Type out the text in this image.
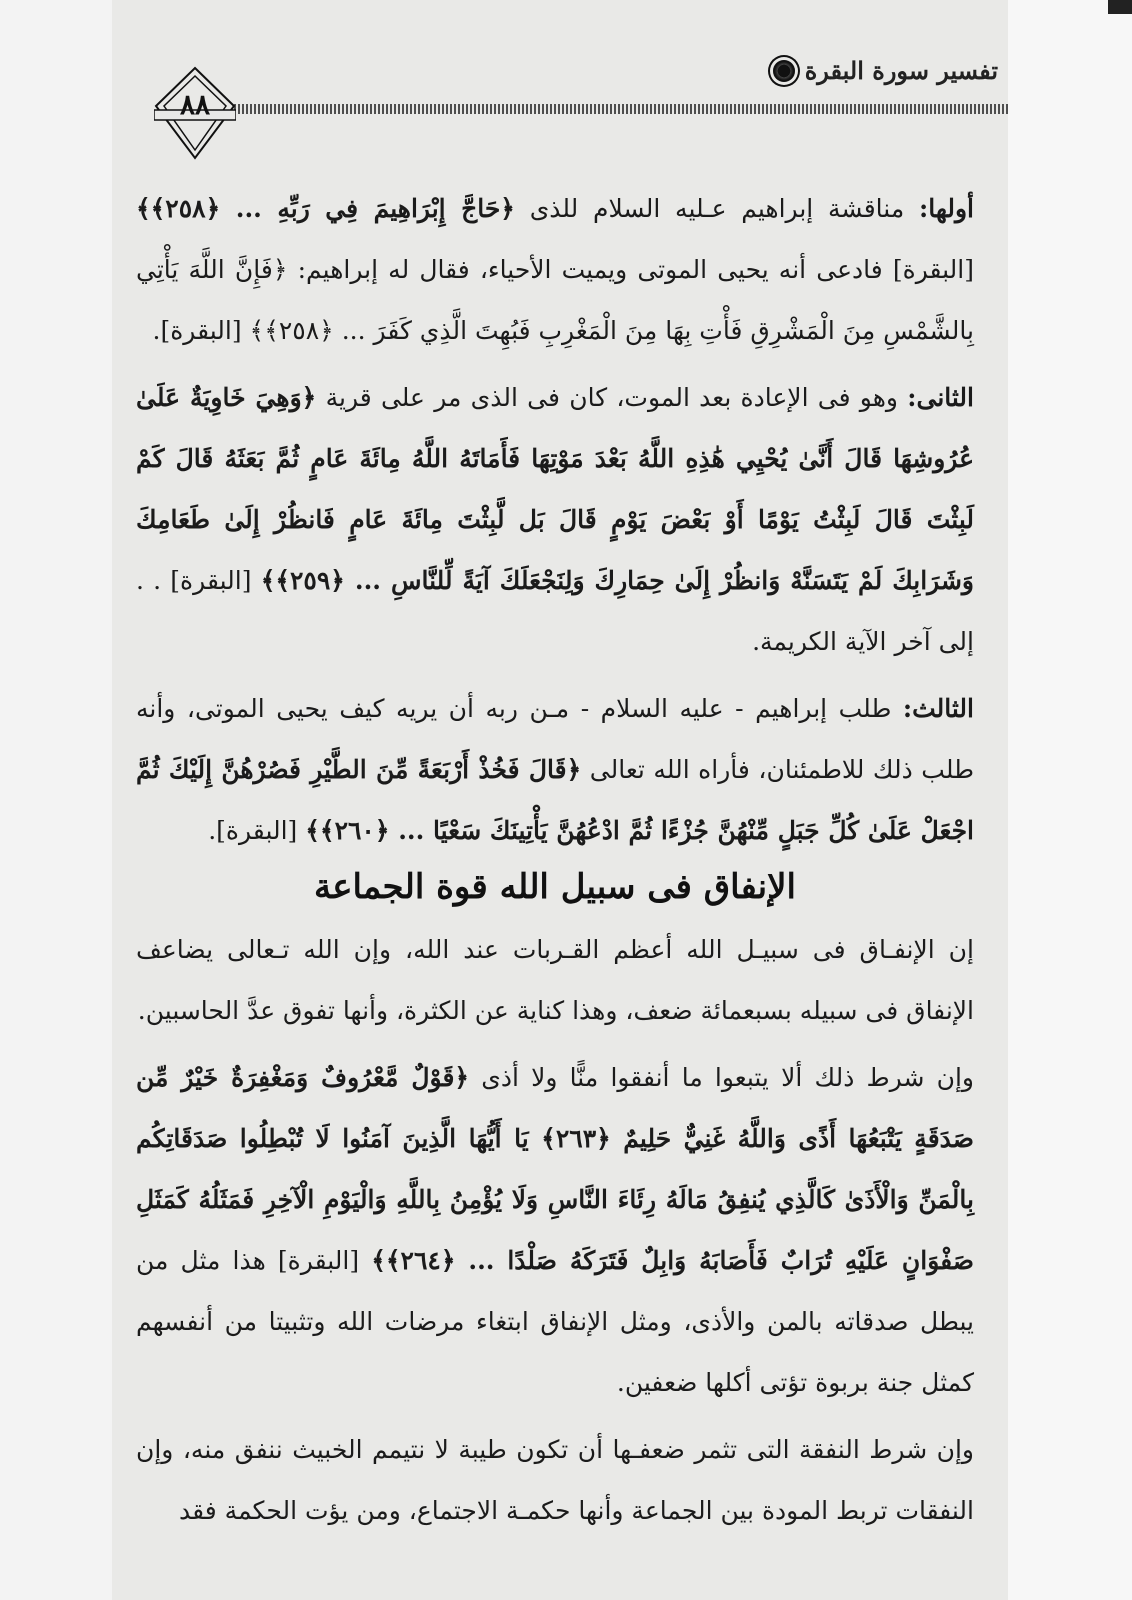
تفسير سورة البقرة
٨٨

أولها: مناقشة إبراهيم عـليه السلام للذى ﴿حَاجَّ إِبْرَاهِيمَ فِي رَبِّهِ ... ﴿٢٥٨﴾﴾ [البقرة] فادعى أنه يحيى الموتى ويميت الأحياء، فقال له إبراهيم: ﴿فَإِنَّ اللَّهَ يَأْتِي بِالشَّمْسِ مِنَ الْمَشْرِقِ فَأْتِ بِهَا مِنَ الْمَغْرِبِ فَبُهِتَ الَّذِي كَفَرَ ... ﴿٢٥٨﴾﴾ [البقرة].

الثانى: وهو فى الإعادة بعد الموت، كان فى الذى مر على قرية ﴿وَهِيَ خَاوِيَةٌ عَلَىٰ عُرُوشِهَا قَالَ أَنَّىٰ يُحْيِي هَٰذِهِ اللَّهُ بَعْدَ مَوْتِهَا فَأَمَاتَهُ اللَّهُ مِائَةَ عَامٍ ثُمَّ بَعَثَهُ قَالَ كَمْ لَبِثْتَ قَالَ لَبِثْتُ يَوْمًا أَوْ بَعْضَ يَوْمٍ قَالَ بَل لَّبِثْتَ مِائَةَ عَامٍ فَانظُرْ إِلَىٰ طَعَامِكَ وَشَرَابِكَ لَمْ يَتَسَنَّهْ وَانظُرْ إِلَىٰ حِمَارِكَ وَلِنَجْعَلَكَ آيَةً لِّلنَّاسِ ... ﴿٢٥٩﴾﴾ [البقرة] . . إلى آخر الآية الكريمة.

الثالث: طلب إبراهيم - عليه السلام - مـن ربه أن يريه كيف يحيى الموتى، وأنه طلب ذلك للاطمئنان، فأراه الله تعالى ﴿قَالَ فَخُذْ أَرْبَعَةً مِّنَ الطَّيْرِ فَصُرْهُنَّ إِلَيْكَ ثُمَّ اجْعَلْ عَلَىٰ كُلِّ جَبَلٍ مِّنْهُنَّ جُزْءًا ثُمَّ ادْعُهُنَّ يَأْتِينَكَ سَعْيًا ... ﴿٢٦٠﴾﴾ [البقرة].

الإنفاق فى سبيل الله قوة الجماعة

إن الإنفـاق فى سبيـل الله أعظم القـربات عند الله، وإن الله تـعالى يضاعف الإنفاق فى سبيله بسبعمائة ضعف، وهذا كناية عن الكثرة، وأنها تفوق عدَّ الحاسبين.

وإن شرط ذلك ألا يتبعوا ما أنفقوا منًّا ولا أذى ﴿قَوْلٌ مَّعْرُوفٌ وَمَغْفِرَةٌ خَيْرٌ مِّن صَدَقَةٍ يَتْبَعُهَا أَذًى وَاللَّهُ غَنِيٌّ حَلِيمٌ ﴿٢٦٣﴾ يَا أَيُّهَا الَّذِينَ آمَنُوا لَا تُبْطِلُوا صَدَقَاتِكُم بِالْمَنِّ وَالْأَذَىٰ كَالَّذِي يُنفِقُ مَالَهُ رِئَاءَ النَّاسِ وَلَا يُؤْمِنُ بِاللَّهِ وَالْيَوْمِ الْآخِرِ فَمَثَلُهُ كَمَثَلِ صَفْوَانٍ عَلَيْهِ تُرَابٌ فَأَصَابَهُ وَابِلٌ فَتَرَكَهُ صَلْدًا ... ﴿٢٦٤﴾﴾ [البقرة] هذا مثل من يبطل صدقاته بالمن والأذى، ومثل الإنفاق ابتغاء مرضات الله وتثبيتا من أنفسهم كمثل جنة بربوة تؤتى أكلها ضعفين.

وإن شرط النفقة التى تثمر ضعفـها أن تكون طيبة لا نتيمم الخبيث ننفق منه، وإن النفقات تربط المودة بين الجماعة وأنها حكمـة الاجتماع، ومن يؤت الحكمة فقد
